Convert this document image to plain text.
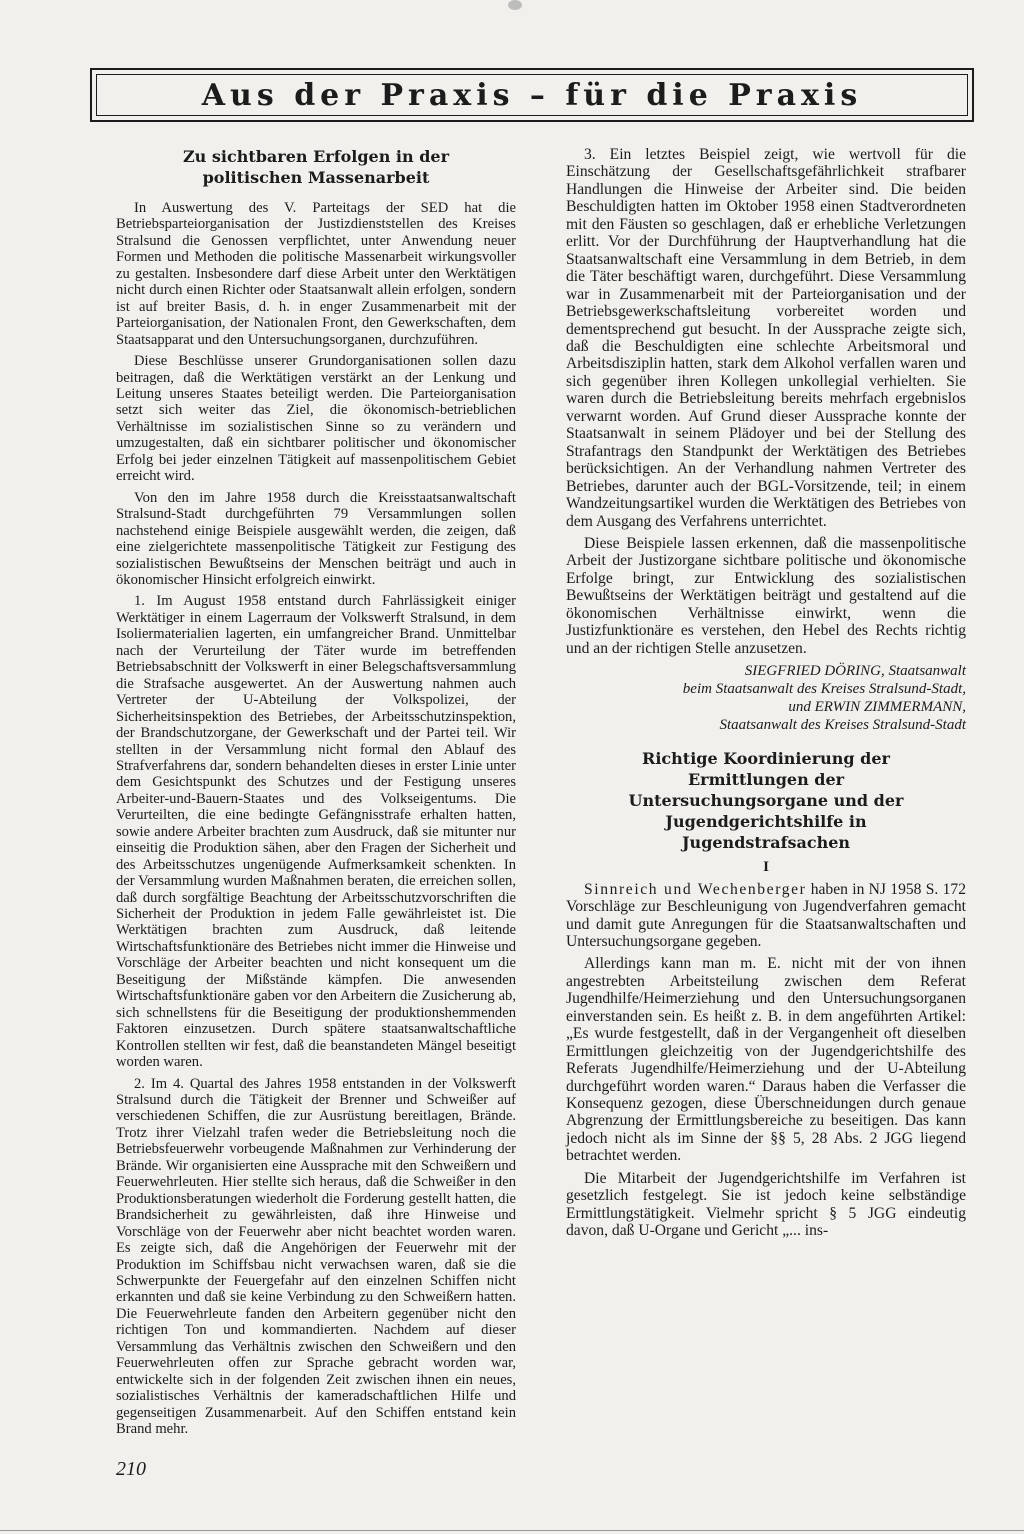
Aus der Praxis – für die Praxis
Zu sichtbaren Erfolgen in der politischen Massenarbeit

In Auswertung des V. Parteitags der SED hat die Betriebsparteiorganisation der Justizdienststellen des Kreises Stralsund die Genossen verpflichtet, unter Anwendung neuer Formen und Methoden die politische Massenarbeit wirkungsvoller zu gestalten. Insbesondere darf diese Arbeit unter den Werktätigen nicht durch einen Richter oder Staatsanwalt allein erfolgen, sondern ist auf breiter Basis, d. h. in enger Zusammenarbeit mit der Parteiorganisation, der Nationalen Front, den Gewerkschaften, dem Staatsapparat und den Untersuchungsorganen, durchzuführen.

Diese Beschlüsse unserer Grundorganisationen sollen dazu beitragen, daß die Werktätigen verstärkt an der Lenkung und Leitung unseres Staates beteiligt werden. Die Parteiorganisation setzt sich weiter das Ziel, die ökonomisch-betrieblichen Verhältnisse im sozialistischen Sinne so zu verändern und umzugestalten, daß ein sichtbarer politischer und ökonomischer Erfolg bei jeder einzelnen Tätigkeit auf massenpolitischem Gebiet erreicht wird.

Von den im Jahre 1958 durch die Kreisstaatsanwaltschaft Stralsund-Stadt durchgeführten 79 Versammlungen sollen nachstehend einige Beispiele ausgewählt werden, die zeigen, daß eine zielgerichtete massenpolitische Tätigkeit zur Festigung des sozialistischen Bewußtseins der Menschen beiträgt und auch in ökonomischer Hinsicht erfolgreich einwirkt.

1. Im August 1958 entstand durch Fahrlässigkeit einiger Werktätiger in einem Lagerraum der Volkswerft Stralsund, in dem Isoliermaterialien lagerten, ein umfangreicher Brand. Unmittelbar nach der Verurteilung der Täter wurde im betreffenden Betriebsabschnitt der Volkswerft in einer Belegschaftsversammlung die Strafsache ausgewertet. An der Auswertung nahmen auch Vertreter der U-Abteilung der Volkspolizei, der Sicherheitsinspektion des Betriebes, der Arbeitsschutzinspektion, der Brandschutzorgane, der Gewerkschaft und der Partei teil. Wir stellten in der Versammlung nicht formal den Ablauf des Strafverfahrens dar, sondern behandelten dieses in erster Linie unter dem Gesichtspunkt des Schutzes und der Festigung unseres Arbeiter-und-Bauern-Staates und des Volkseigentums. Die Verurteilten, die eine bedingte Gefängnisstrafe erhalten hatten, sowie andere Arbeiter brachten zum Ausdruck, daß sie mitunter nur einseitig die Produktion sähen, aber den Fragen der Sicherheit und des Arbeitsschutzes ungenügende Aufmerksamkeit schenkten. In der Versammlung wurden Maßnahmen beraten, die erreichen sollen, daß durch sorgfältige Beachtung der Arbeitsschutzvorschriften die Sicherheit der Produktion in jedem Falle gewährleistet ist. Die Werktätigen brachten zum Ausdruck, daß leitende Wirtschaftsfunktionäre des Betriebes nicht immer die Hinweise und Vorschläge der Arbeiter beachten und nicht konsequent um die Beseitigung der Mißstände kämpfen. Die anwesenden Wirtschaftsfunktionäre gaben vor den Arbeitern die Zusicherung ab, sich schnellstens für die Beseitigung der produktionshemmenden Faktoren einzusetzen. Durch spätere staatsanwaltschaftliche Kontrollen stellten wir fest, daß die beanstandeten Mängel beseitigt worden waren.

2. Im 4. Quartal des Jahres 1958 entstanden in der Volkswerft Stralsund durch die Tätigkeit der Brenner und Schweißer auf verschiedenen Schiffen, die zur Ausrüstung bereitlagen, Brände. Trotz ihrer Vielzahl trafen weder die Betriebsleitung noch die Betriebsfeuerwehr vorbeugende Maßnahmen zur Verhinderung der Brände. Wir organisierten eine Aussprache mit den Schweißern und Feuerwehrleuten. Hier stellte sich heraus, daß die Schweißer in den Produktionsberatungen wiederholt die Forderung gestellt hatten, die Brandsicherheit zu gewährleisten, daß ihre Hinweise und Vorschläge von der Feuerwehr aber nicht beachtet worden waren. Es zeigte sich, daß die Angehörigen der Feuerwehr mit der Produktion im Schiffsbau nicht verwachsen waren, daß sie die Schwerpunkte der Feuergefahr auf den einzelnen Schiffen nicht erkannten und daß sie keine Verbindung zu den Schweißern hatten. Die Feuerwehrleute fanden den Arbeitern gegenüber nicht den richtigen Ton und kommandierten. Nachdem auf dieser Versammlung das Verhältnis zwischen den Schweißern und den Feuerwehrleuten offen zur Sprache gebracht worden war, entwickelte sich in der folgenden Zeit zwischen ihnen ein neues, sozialistisches Verhältnis der kameradschaftlichen Hilfe und gegenseitigen Zusammenarbeit. Auf den Schiffen entstand kein Brand mehr.

3. Ein letztes Beispiel zeigt, wie wertvoll für die Einschätzung der Gesellschaftsgefährlichkeit strafbarer Handlungen die Hinweise der Arbeiter sind. Die beiden Beschuldigten hatten im Oktober 1958 einen Stadtverordneten mit den Fäusten so geschlagen, daß er erhebliche Verletzungen erlitt. Vor der Durchführung der Hauptverhandlung hat die Staatsanwaltschaft eine Versammlung in dem Betrieb, in dem die Täter beschäftigt waren, durchgeführt. Diese Versammlung war in Zusammenarbeit mit der Parteiorganisation und der Betriebsgewerkschaftsleitung vorbereitet worden und dementsprechend gut besucht. In der Aussprache zeigte sich, daß die Beschuldigten eine schlechte Arbeitsmoral und Arbeitsdisziplin hatten, stark dem Alkohol verfallen waren und sich gegenüber ihren Kollegen unkollegial verhielten. Sie waren durch die Betriebsleitung bereits mehrfach ergebnislos verwarnt worden. Auf Grund dieser Aussprache konnte der Staatsanwalt in seinem Plädoyer und bei der Stellung des Strafantrags den Standpunkt der Werktätigen des Betriebes berücksichtigen. An der Verhandlung nahmen Vertreter des Betriebes, darunter auch der BGL-Vorsitzende, teil; in einem Wandzeitungsartikel wurden die Werktätigen des Betriebes von dem Ausgang des Verfahrens unterrichtet.

Diese Beispiele lassen erkennen, daß die massenpolitische Arbeit der Justizorgane sichtbare politische und ökonomische Erfolge bringt, zur Entwicklung des sozialistischen Bewußtseins der Werktätigen beiträgt und gestaltend auf die ökonomischen Verhältnisse einwirkt, wenn die Justizfunktionäre es verstehen, den Hebel des Rechts richtig und an der richtigen Stelle anzusetzen.

SIEGFRIED DÖRING, Staatsanwalt
beim Staatsanwalt des Kreises Stralsund-Stadt,
und ERWIN ZIMMERMANN,
Staatsanwalt des Kreises Stralsund-Stadt
Richtige Koordinierung der Ermittlungen der Untersuchungsorgane und der Jugendgerichtshilfe in Jugendstrafsachen
I

Sinnreich und Wechenberger haben in NJ 1958 S. 172 Vorschläge zur Beschleunigung von Jugendverfahren gemacht und damit gute Anregungen für die Staatsanwaltschaften und Untersuchungsorgane gegeben.

Allerdings kann man m. E. nicht mit der von ihnen angestrebten Arbeitsteilung zwischen dem Referat Jugendhilfe/Heimerziehung und den Untersuchungsorganen einverstanden sein. Es heißt z. B. in dem angeführten Artikel: „Es wurde festgestellt, daß in der Vergangenheit oft dieselben Ermittlungen gleichzeitig von der Jugendgerichtshilfe des Referats Jugendhilfe/Heimerziehung und der U-Abteilung durchgeführt worden waren.“ Daraus haben die Verfasser die Konsequenz gezogen, diese Überschneidungen durch genaue Abgrenzung der Ermittlungsbereiche zu beseitigen. Das kann jedoch nicht als im Sinne der §§ 5, 28 Abs. 2 JGG liegend betrachtet werden.

Die Mitarbeit der Jugendgerichtshilfe im Verfahren ist gesetzlich festgelegt. Sie ist jedoch keine selbständige Ermittlungstätigkeit. Vielmehr spricht § 5 JGG eindeutig davon, daß U-Organe und Gericht „... ins-

210
